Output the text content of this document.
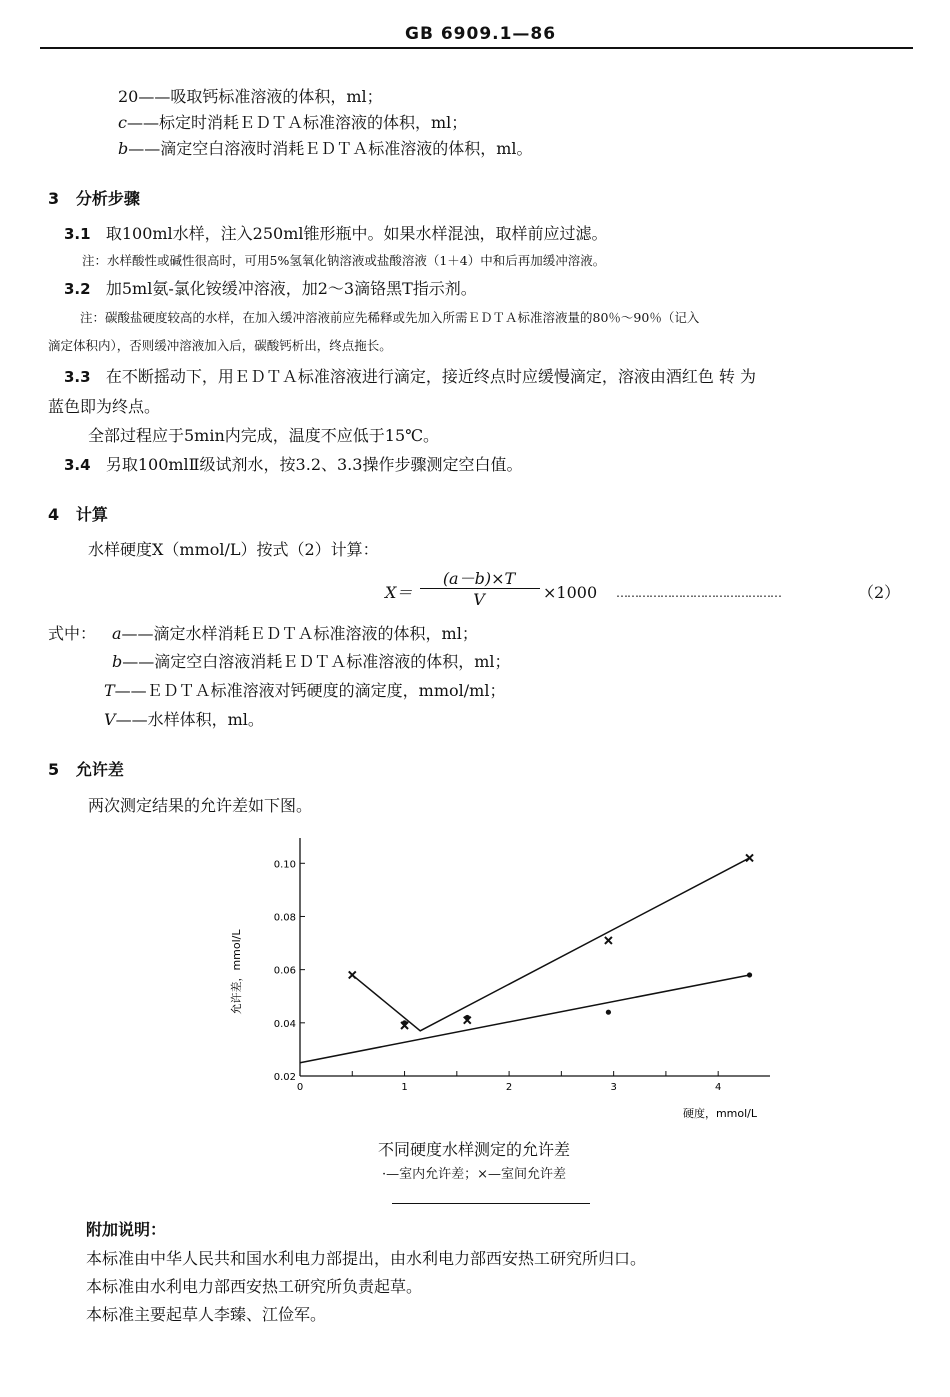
GB 6909.1—86
20——吸取钙标准溶液的体积，ml；
c——标定时消耗ＥＤＴＡ标准溶液的体积，ml；
b——滴定空白溶液时消耗ＥＤＴＡ标准溶液的体积，ml。
3 分析步骤
3.1 取100ml水样，注入250ml锥形瓶中。如果水样混浊，取样前应过滤。
注：水样酸性或碱性很高时，可用5%氢氧化钠溶液或盐酸溶液（1＋4）中和后再加缓冲溶液。
3.2 加5ml氨-氯化铵缓冲溶液，加2～3滴铬黑T指示剂。
注：碳酸盐硬度较高的水样，在加入缓冲溶液前应先稀释或先加入所需ＥＤＴＡ标准溶液量的80％～90％（记入
滴定体积内），否则缓冲溶液加入后，碳酸钙析出，终点拖长。
3.3 在不断摇动下，用ＥＤＴＡ标准溶液进行滴定，接近终点时应缓慢滴定，溶液由酒红色 转 为
蓝色即为终点。
全部过程应于5min内完成，温度不应低于15℃。
3.4 另取100mlⅡ级试剂水，按3.2、3.3操作步骤测定空白值。
4 计算
水样硬度X（mmol/L）按式（2）计算：
X＝
(a－b)×T
V	×1000 ………………………………………	（2）
式中： a——滴定水样消耗ＥＤＴＡ标准溶液的体积，ml；
b——滴定空白溶液消耗ＥＤＴＡ标准溶液的体积，ml；
T——ＥＤＴＡ标准溶液对钙硬度的滴定度，mmol/ml；
V——水样体积，ml。
5 允许差
两次测定结果的允许差如下图。
允许差，mmol/L
硬度，mmol/L
0.02
0.04
0.06
0.08
0.10
0	1	2	3	4
不同硬度水样测定的允许差
·—室内允许差；×—室间允许差
附加说明：
本标准由中华人民共和国水利电力部提出，由水利电力部西安热工研究所归口。
本标准由水利电力部西安热工研究所负责起草。
本标准主要起草人李臻、江俭军。
